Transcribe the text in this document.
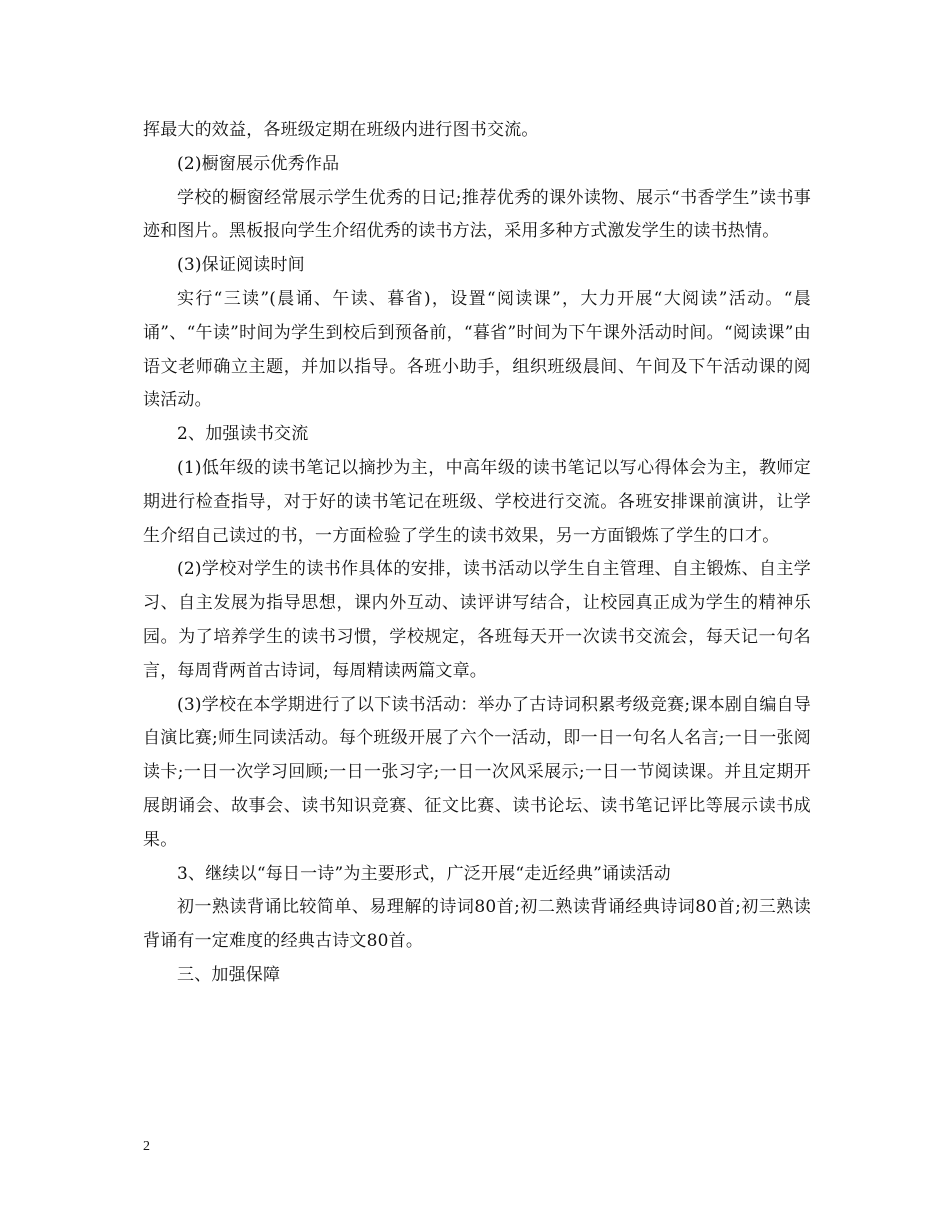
挥最大的效益，各班级定期在班级内进行图书交流。

(2)橱窗展示优秀作品

学校的橱窗经常展示学生优秀的日记;推荐优秀的课外读物、展示“书香学生”读书事迹和图片。黑板报向学生介绍优秀的读书方法，采用多种方式激发学生的读书热情。

(3)保证阅读时间

实行“三读”(晨诵、午读、暮省)，设置“阅读课”，大力开展“大阅读”活动。“晨诵”、“午读”时间为学生到校后到预备前，“暮省”时间为下午课外活动时间。“阅读课”由语文老师确立主题，并加以指导。各班小助手，组织班级晨间、午间及下午活动课的阅读活动。

2、加强读书交流

(1)低年级的读书笔记以摘抄为主，中高年级的读书笔记以写心得体会为主，教师定期进行检查指导，对于好的读书笔记在班级、学校进行交流。各班安排课前演讲，让学生介绍自己读过的书，一方面检验了学生的读书效果，另一方面锻炼了学生的口才。

(2)学校对学生的读书作具体的安排，读书活动以学生自主管理、自主锻炼、自主学习、自主发展为指导思想，课内外互动、读评讲写结合，让校园真正成为学生的精神乐园。为了培养学生的读书习惯，学校规定，各班每天开一次读书交流会，每天记一句名言，每周背两首古诗词，每周精读两篇文章。

(3)学校在本学期进行了以下读书活动：举办了古诗词积累考级竞赛;课本剧自编自导自演比赛;师生同读活动。每个班级开展了六个一活动，即一日一句名人名言;一日一张阅读卡;一日一次学习回顾;一日一张习字;一日一次风采展示;一日一节阅读课。并且定期开展朗诵会、故事会、读书知识竞赛、征文比赛、读书论坛、读书笔记评比等展示读书成果。

3、继续以“每日一诗”为主要形式，广泛开展“走近经典”诵读活动

初一熟读背诵比较简单、易理解的诗词80首;初二熟读背诵经典诗词80首;初三熟读背诵有一定难度的经典古诗文80首。

三、加强保障

2
